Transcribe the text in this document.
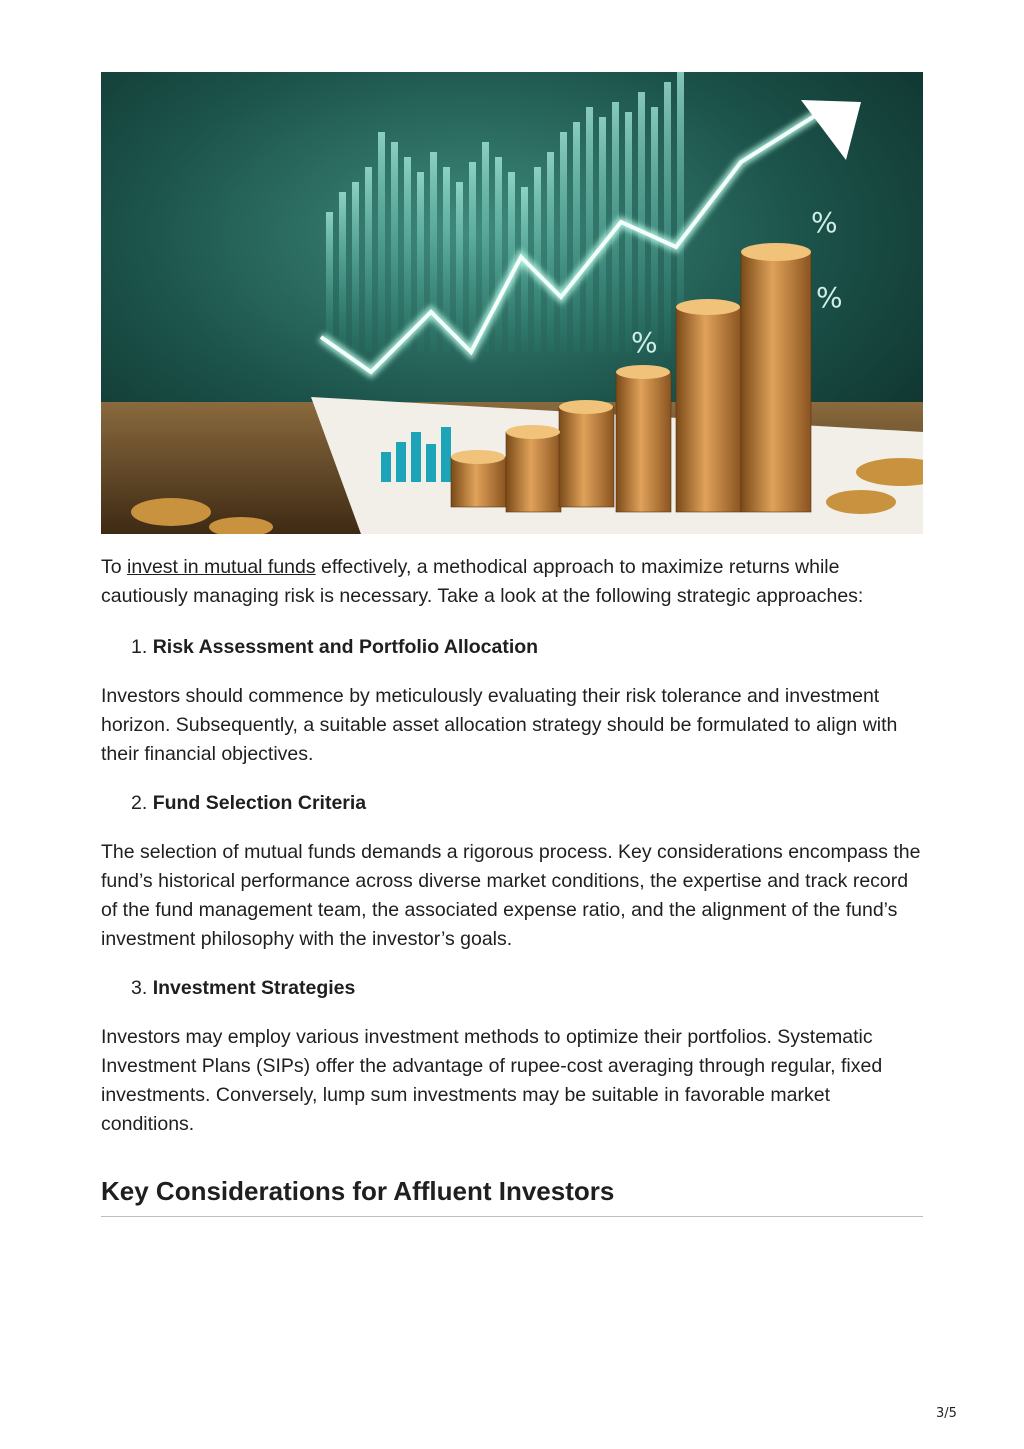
%
%
%

To invest in mutual funds effectively, a methodical approach to maximize returns while cautiously managing risk is necessary. Take a look at the following strategic approaches:

1. Risk Assessment and Portfolio Allocation

Investors should commence by meticulously evaluating their risk tolerance and investment horizon. Subsequently, a suitable asset allocation strategy should be formulated to align with their financial objectives.

2. Fund Selection Criteria

The selection of mutual funds demands a rigorous process. Key considerations encompass the fund’s historical performance across diverse market conditions, the expertise and track record of the fund management team, the associated expense ratio, and the alignment of the fund’s investment philosophy with the investor’s goals.

3. Investment Strategies

Investors may employ various investment methods to optimize their portfolios. Systematic Investment Plans (SIPs) offer the advantage of rupee-cost averaging through regular, fixed investments. Conversely, lump sum investments may be suitable in favorable market conditions.

Key Considerations for Affluent Investors
3/5
